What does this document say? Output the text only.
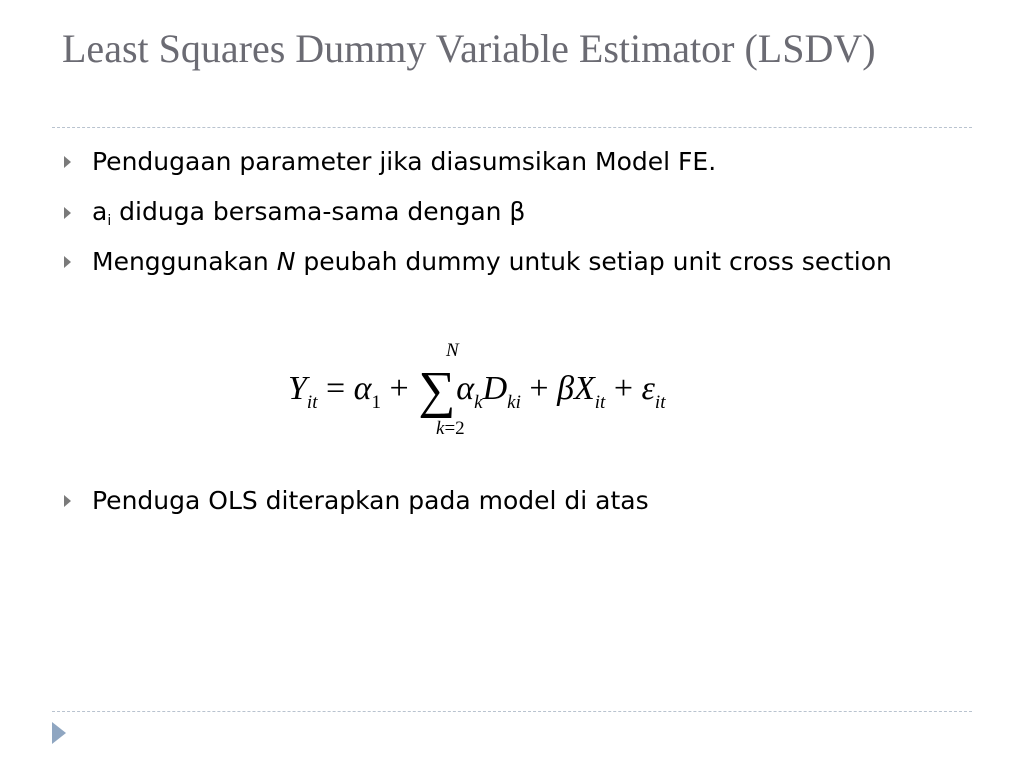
Least Squares Dummy Variable Estimator (LSDV)
Pendugaan parameter jika diasumsikan Model FE.
$a_i$ diduga bersama-sama dengan β
Menggunakan N peubah dummy untuk setiap unit cross section
N
$Y_{it} = \alpha_1 + \sum\alpha_kD_{ki} + \beta X_{it} + \varepsilon_{it}$
k=2
Penduga OLS diterapkan pada model di atas
